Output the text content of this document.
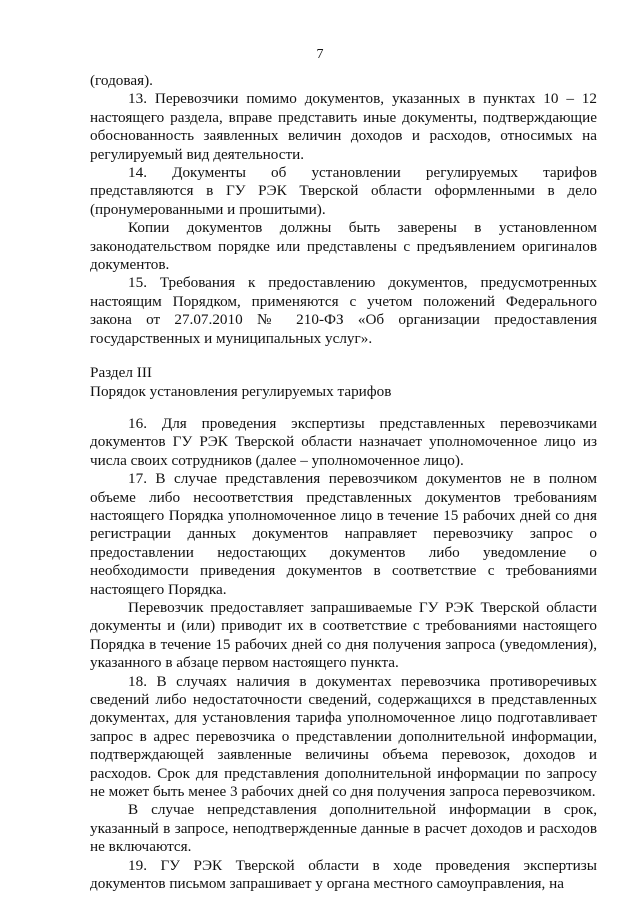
7

(годовая).

13. Перевозчики помимо документов, указанных в пунктах 10 – 12 настоящего раздела, вправе представить иные документы, подтверждающие обоснованность заявленных величин доходов и расходов, относимых на регулируемый вид деятельности.

14. Документы об установлении регулируемых тарифов представляются в ГУ РЭК Тверской области оформленными в дело (пронумерованными и прошитыми).

Копии документов должны быть заверены в установленном законодательством порядке или представлены с предъявлением оригиналов документов.

15. Требования к предоставлению документов, предусмотренных настоящим Порядком, применяются с учетом положений Федерального закона от 27.07.2010 № 210-ФЗ «Об организации предоставления государственных и муниципальных услуг».

Раздел III

Порядок установления регулируемых тарифов

16. Для проведения экспертизы представленных перевозчиками документов ГУ РЭК Тверской области назначает уполномоченное лицо из числа своих сотрудников (далее – уполномоченное лицо).

17. В случае представления перевозчиком документов не в полном объеме либо несоответствия представленных документов требованиям настоящего Порядка уполномоченное лицо в течение 15 рабочих дней со дня регистрации данных документов направляет перевозчику запрос о предоставлении недостающих документов либо уведомление о необходимости приведения документов в соответствие с требованиями настоящего Порядка.

Перевозчик предоставляет запрашиваемые ГУ РЭК Тверской области документы и (или) приводит их в соответствие с требованиями настоящего Порядка в течение 15 рабочих дней со дня получения запроса (уведомления), указанного в абзаце первом настоящего пункта.

18. В случаях наличия в документах перевозчика противоречивых сведений либо недостаточности сведений, содержащихся в представленных документах, для установления тарифа уполномоченное лицо подготавливает запрос в адрес перевозчика о представлении дополнительной информации, подтверждающей заявленные величины объема перевозок, доходов и расходов. Срок для представления дополнительной информации по запросу не может быть менее 3 рабочих дней со дня получения запроса перевозчиком.

В случае непредставления дополнительной информации в срок, указанный в запросе, неподтвержденные данные в расчет доходов и расходов не включаются.

19. ГУ РЭК Тверской области в ходе проведения экспертизы документов письмом запрашивает у органа местного самоуправления, на
